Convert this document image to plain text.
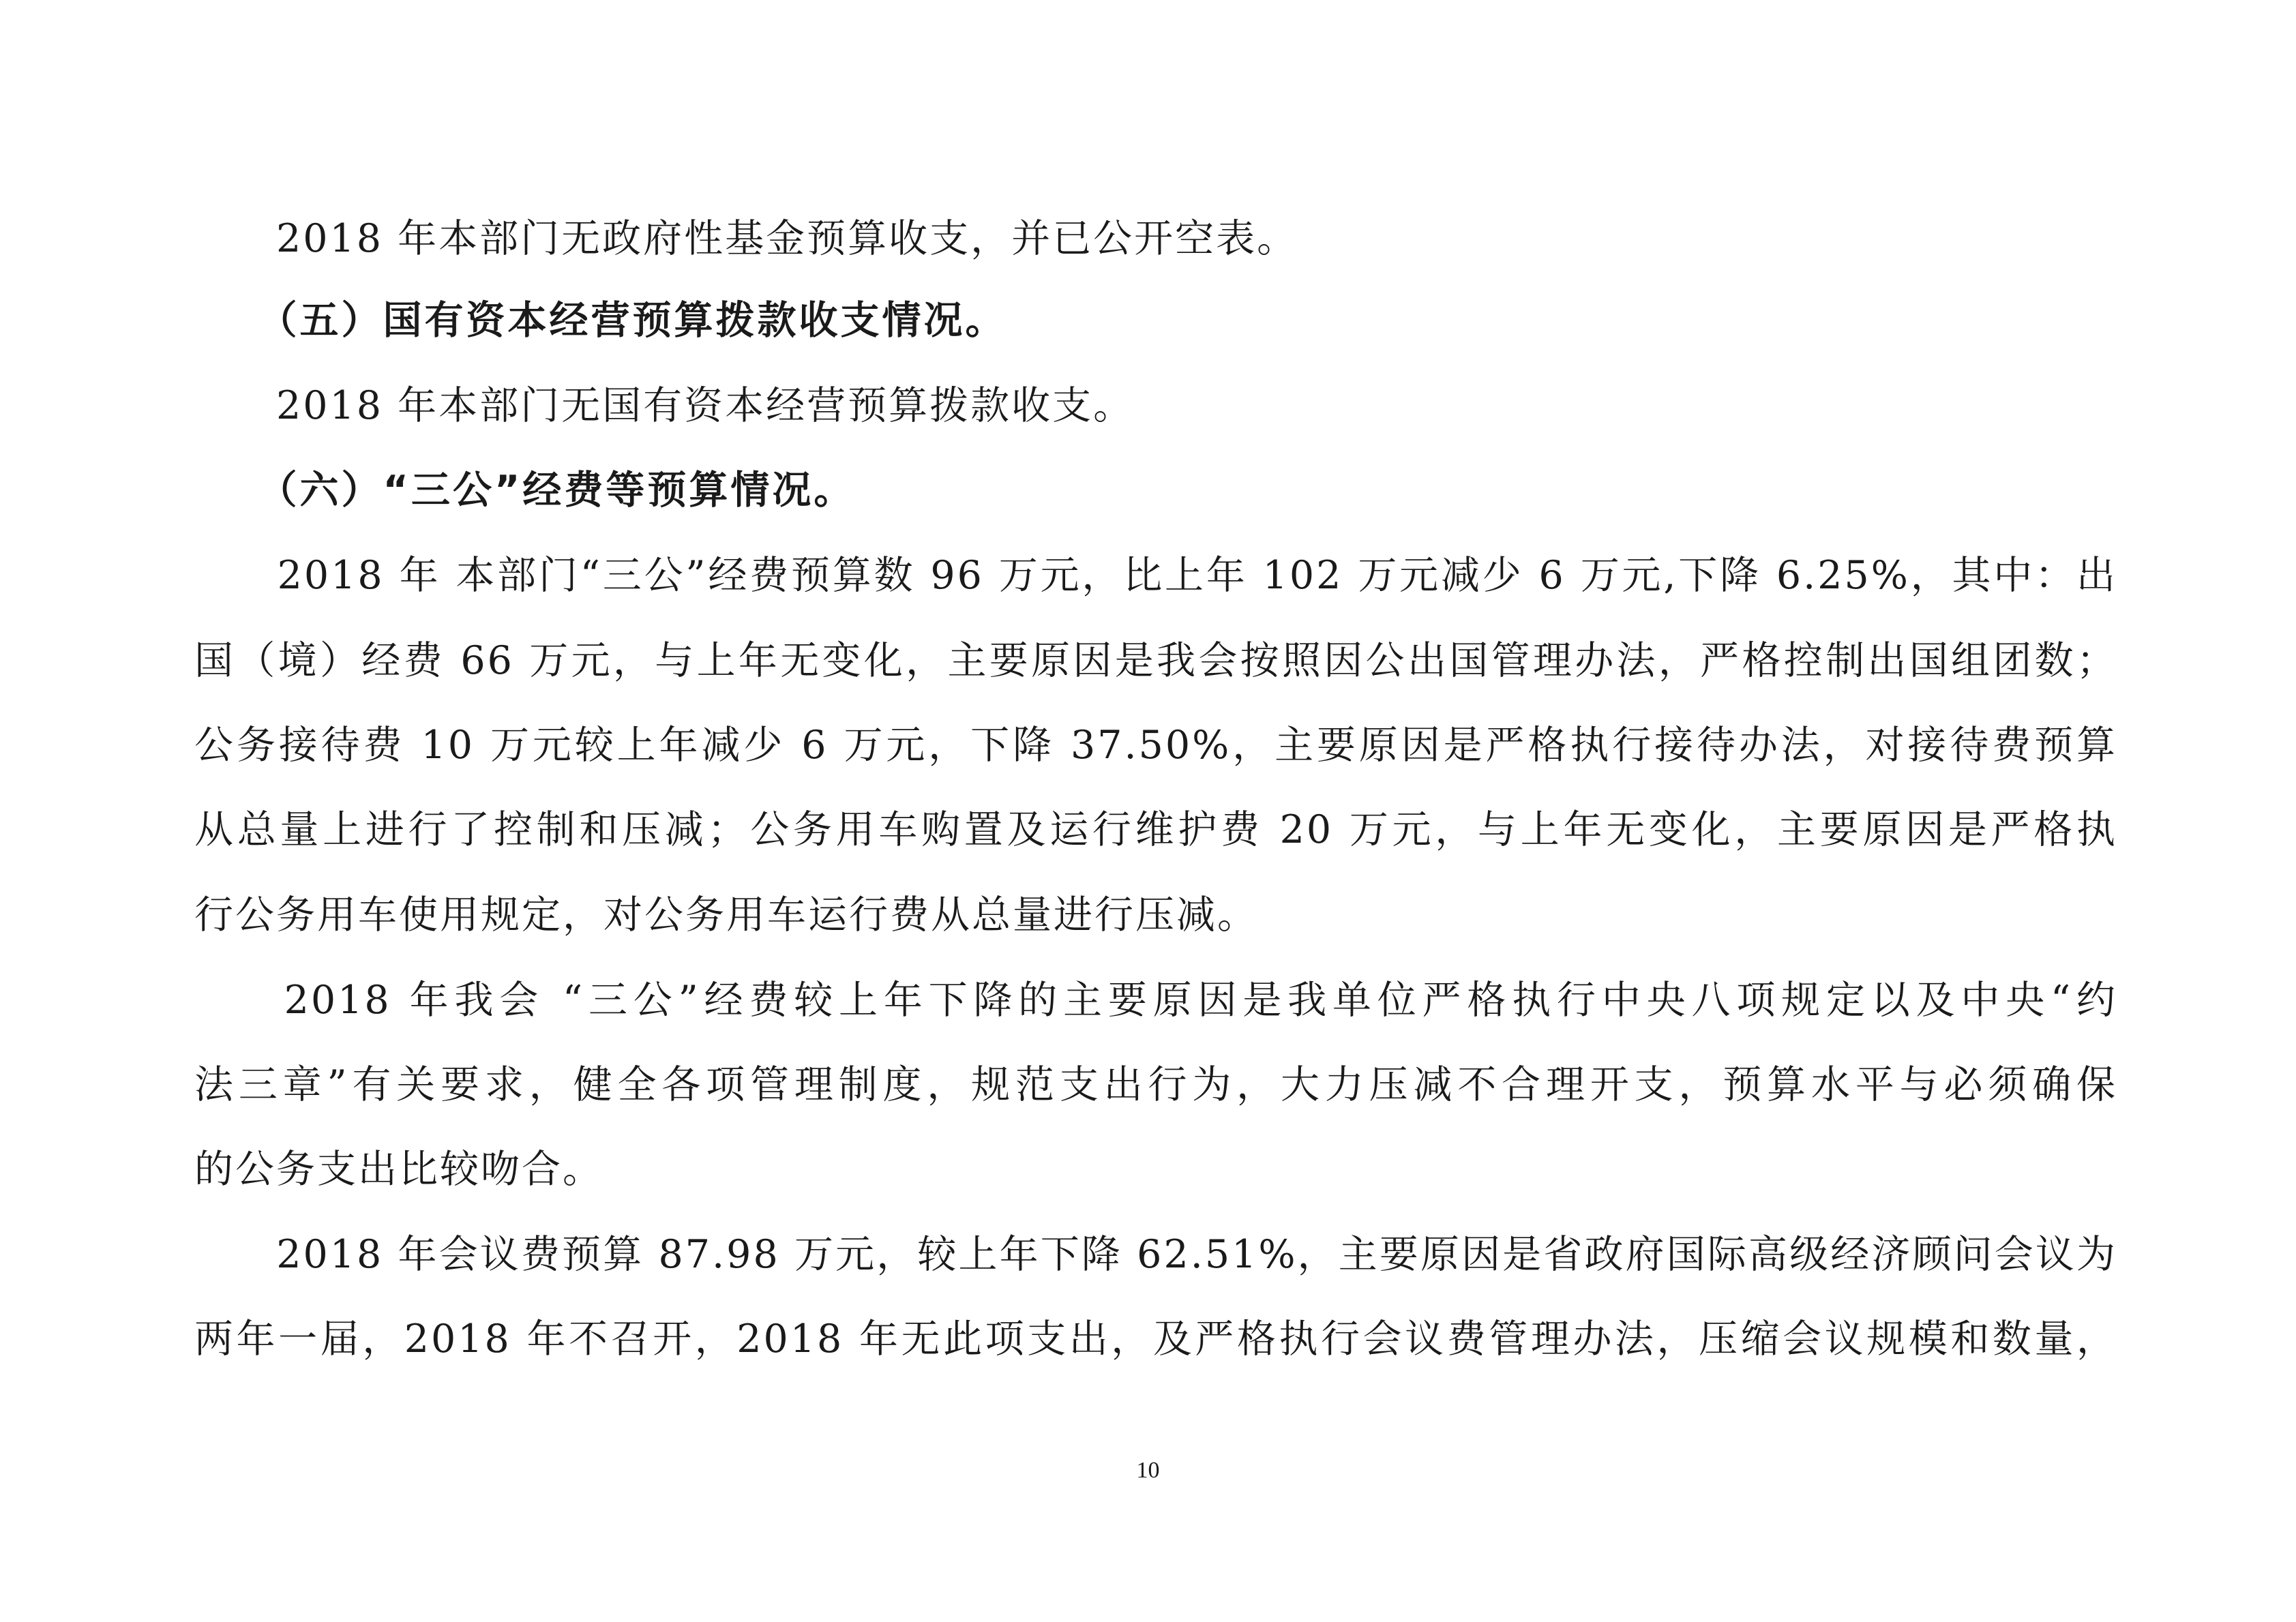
　　2018 年本部门无政府性基金预算收支，并已公开空表。
　　（五）国有资本经营预算拨款收支情况。
　　2018 年本部门无国有资本经营预算拨款收支。
　　（六）“三公”经费等预算情况。
　　2018 年 本部门“三公”经费预算数 96 万元，比上年 102 万元减少 6 万元,下降 6.25%，其中：出
国（境）经费 66 万元，与上年无变化，主要原因是我会按照因公出国管理办法，严格控制出国组团数；
公务接待费 10 万元较上年减少 6 万元，下降 37.50%，主要原因是严格执行接待办法，对接待费预算
从总量上进行了控制和压减；公务用车购置及运行维护费 20 万元，与上年无变化，主要原因是严格执
行公务用车使用规定，对公务用车运行费从总量进行压减。
　　2018 年我会 “三公”经费较上年下降的主要原因是我单位严格执行中央八项规定以及中央“约
法三章”有关要求，健全各项管理制度，规范支出行为，大力压减不合理开支，预算水平与必须确保
的公务支出比较吻合。
　　2018 年会议费预算 87.98 万元，较上年下降 62.51%，主要原因是省政府国际高级经济顾问会议为
两年一届，2018 年不召开，2018 年无此项支出，及严格执行会议费管理办法，压缩会议规模和数量，
10
